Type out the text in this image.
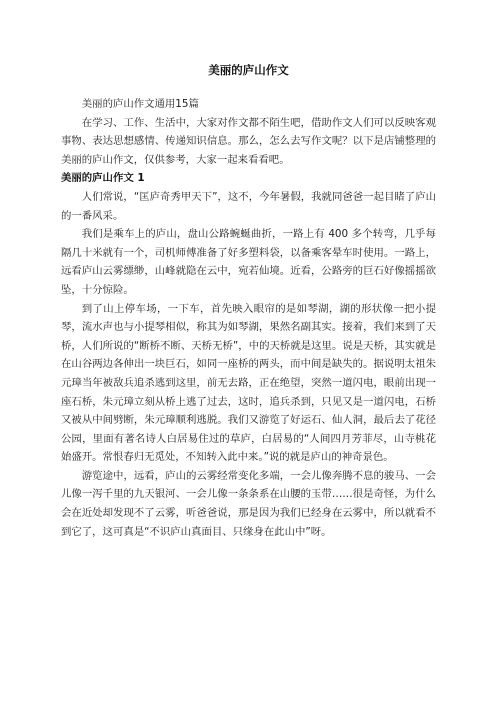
美丽的庐山作文

美丽的庐山作文通用15篇

在学习、工作、生活中，大家对作文都不陌生吧，借助作文人们可以反映客观事物、表达思想感情、传递知识信息。那么，怎么去写作文呢？以下是店铺整理的美丽的庐山作文，仅供参考，大家一起来看看吧。

美丽的庐山作文 1

人们常说，“匡庐奇秀甲天下”，这不，今年暑假，我就同爸爸一起目睹了庐山的一番风采。

我们是乘车上的庐山，盘山公路蜿蜒曲折，一路上有 400 多个转弯，几乎每隔几十米就有一个，司机师傅准备了好多塑料袋，以备乘客晕车时使用。一路上，远看庐山云雾缥缈，山峰就隐在云中，宛若仙境。近看，公路旁的巨石好像摇摇欲坠，十分惊险。

到了山上停车场，一下车，首先映入眼帘的是如琴湖，湖的形状像一把小提琴，流水声也与小提琴相似，称其为如琴湖，果然名副其实。接着，我们来到了天桥，人们所说的“断桥不断、天桥无桥”，中的天桥就是这里。说是天桥，其实就是在山谷两边各伸出一块巨石，如同一座桥的两头，而中间是缺失的。据说明太祖朱元璋当年被敌兵追杀逃到这里，前无去路，正在绝望，突然一道闪电，眼前出现一座石桥，朱元璋立刻从桥上逃了过去，这时，追兵杀到，只见又是一道闪电，石桥又被从中间劈断，朱元璋顺利逃脱。我们又游览了好运石、仙人洞，最后去了花径公园，里面有著名诗人白居易住过的草庐，白居易的“人间四月芳菲尽，山寺桃花始盛开。常恨春归无觅处，不知转入此中来。”说的就是庐山的神奇景色。

游览途中，远看，庐山的云雾经常变化多端，一会儿像奔腾不息的骏马、一会儿像一泻千里的九天银河、一会儿像一条条系在山腰的玉带……很是奇怪，为什么会在近处却发现不了云雾，听爸爸说，那是因为我们已经身在云雾中，所以就看不到它了，这可真是“不识庐山真面目、只缘身在此山中”呀。
